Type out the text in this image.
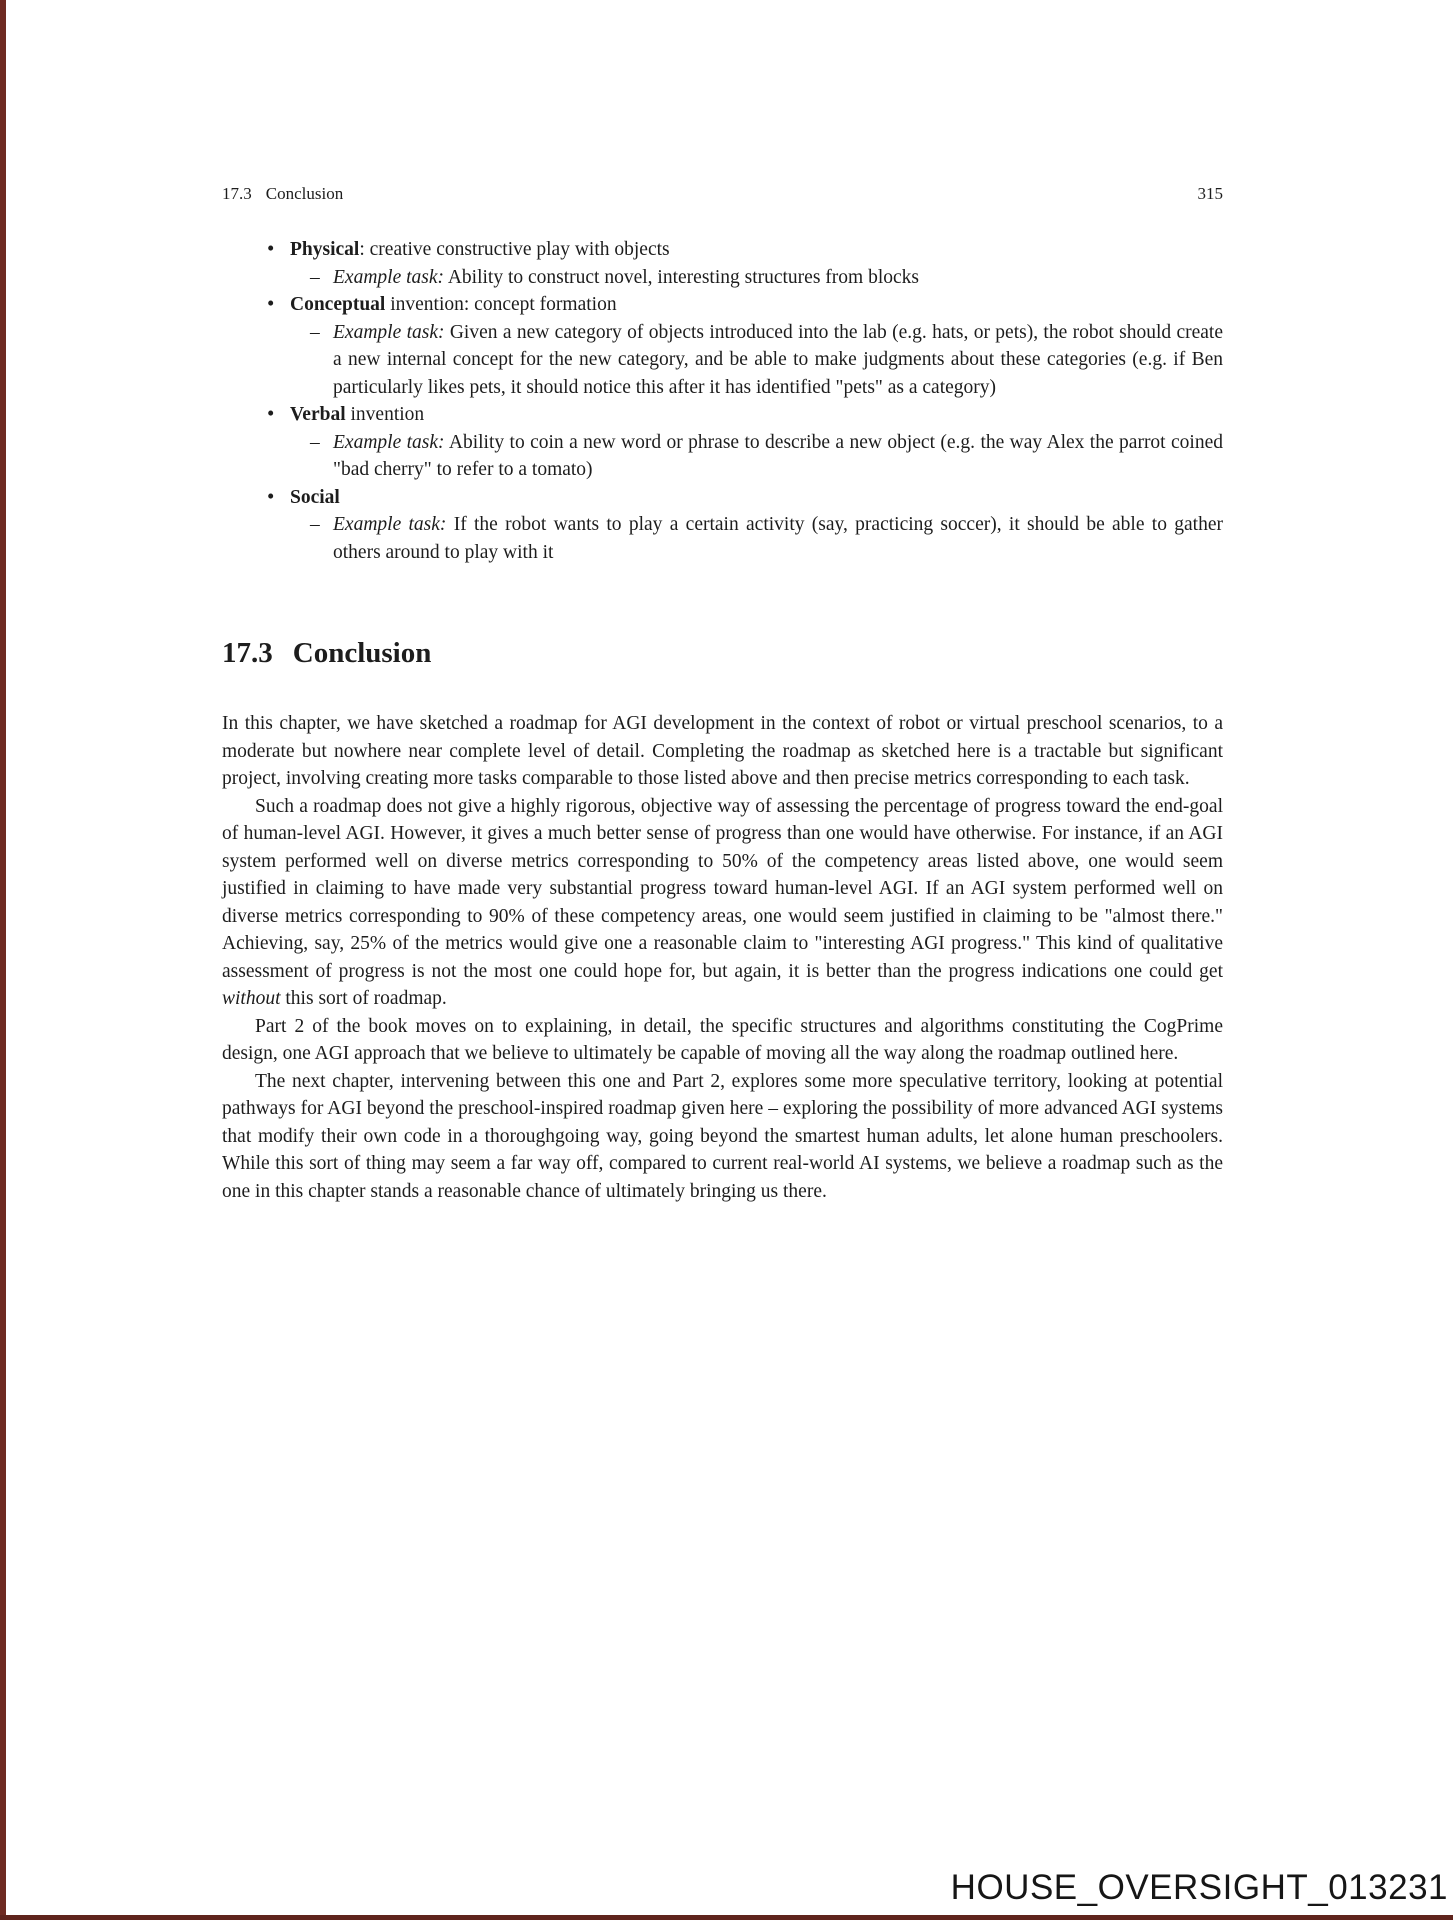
17.3 Conclusion	315
• Physical: creative constructive play with objects
– Example task: Ability to construct novel, interesting structures from blocks
• Conceptual invention: concept formation
– Example task: Given a new category of objects introduced into the lab (e.g. hats, or pets), the robot should create a new internal concept for the new category, and be able to make judgments about these categories (e.g. if Ben particularly likes pets, it should notice this after it has identified "pets" as a category)
• Verbal invention
– Example task: Ability to coin a new word or phrase to describe a new object (e.g. the way Alex the parrot coined "bad cherry" to refer to a tomato)
• Social
– Example task: If the robot wants to play a certain activity (say, practicing soccer), it should be able to gather others around to play with it
17.3 Conclusion

In this chapter, we have sketched a roadmap for AGI development in the context of robot or virtual preschool scenarios, to a moderate but nowhere near complete level of detail. Completing the roadmap as sketched here is a tractable but significant project, involving creating more tasks comparable to those listed above and then precise metrics corresponding to each task.

Such a roadmap does not give a highly rigorous, objective way of assessing the percentage of progress toward the end-goal of human-level AGI. However, it gives a much better sense of progress than one would have otherwise. For instance, if an AGI system performed well on diverse metrics corresponding to 50% of the competency areas listed above, one would seem justified in claiming to have made very substantial progress toward human-level AGI. If an AGI system performed well on diverse metrics corresponding to 90% of these competency areas, one would seem justified in claiming to be "almost there." Achieving, say, 25% of the metrics would give one a reasonable claim to "interesting AGI progress." This kind of qualitative assessment of progress is not the most one could hope for, but again, it is better than the progress indications one could get without this sort of roadmap.

Part 2 of the book moves on to explaining, in detail, the specific structures and algorithms constituting the CogPrime design, one AGI approach that we believe to ultimately be capable of moving all the way along the roadmap outlined here.

The next chapter, intervening between this one and Part 2, explores some more speculative territory, looking at potential pathways for AGI beyond the preschool-inspired roadmap given here – exploring the possibility of more advanced AGI systems that modify their own code in a thoroughgoing way, going beyond the smartest human adults, let alone human preschoolers. While this sort of thing may seem a far way off, compared to current real-world AI systems, we believe a roadmap such as the one in this chapter stands a reasonable chance of ultimately bringing us there.

HOUSE_OVERSIGHT_013231
